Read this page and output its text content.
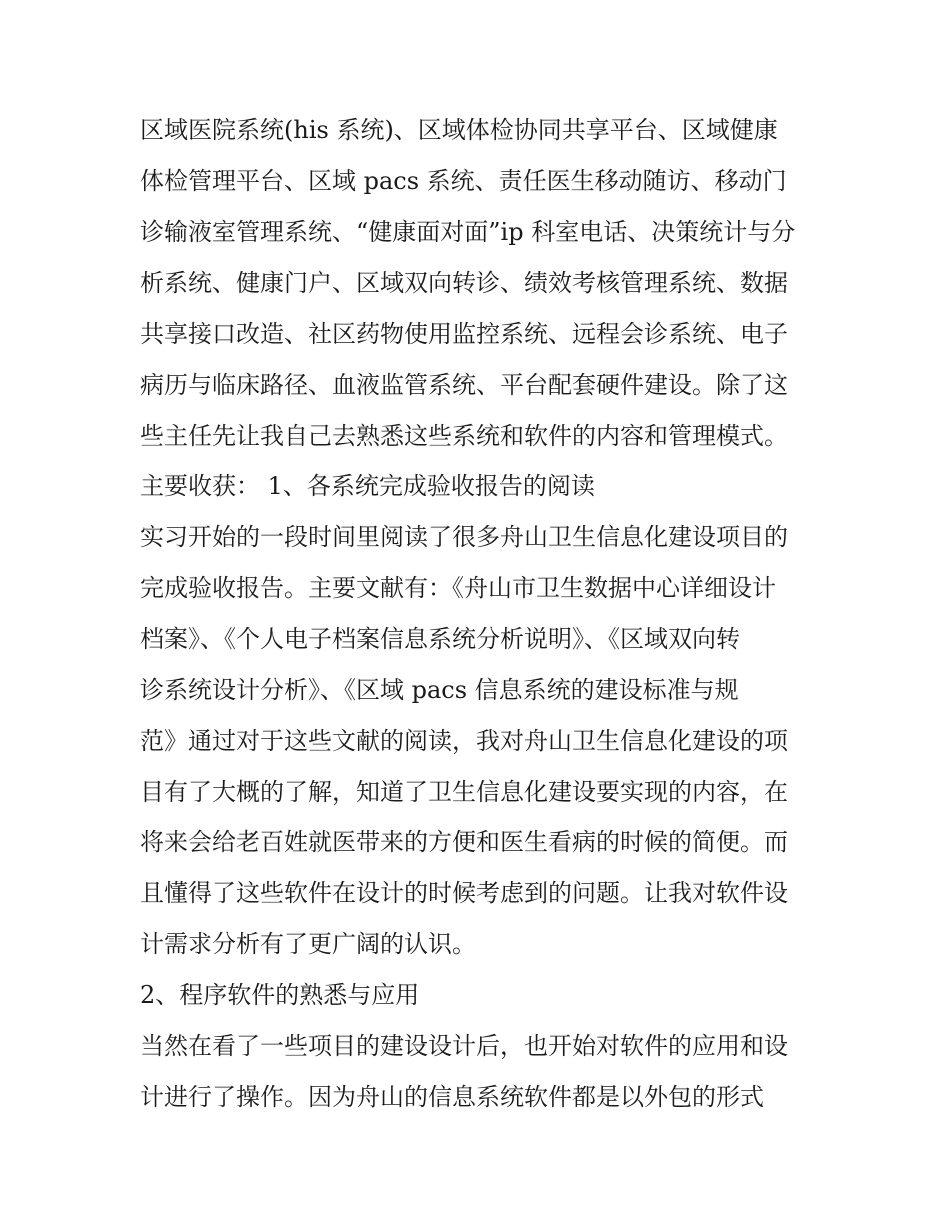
区域医院系统(his 系统)、区域体检协同共享平台、区域健康
体检管理平台、区域 pacs 系统、责任医生移动随访、移动门
诊输液室管理系统、“健康面对面”ip 科室电话、决策统计与分
析系统、健康门户、区域双向转诊、绩效考核管理系统、数据
共享接口改造、社区药物使用监控系统、远程会诊系统、电子
病历与临床路径、血液监管系统、平台配套硬件建设。除了这
些主任先让我自己去熟悉这些系统和软件的内容和管理模式。
主要收获： 1、各系统完成验收报告的阅读
实习开始的一段时间里阅读了很多舟山卫生信息化建设项目的
完成验收报告。主要文献有：《舟山市卫生数据中心详细设计
档案》、《个人电子档案信息系统分析说明》、《区域双向转
诊系统设计分析》、《区域 pacs 信息系统的建设标准与规
范》通过对于这些文献的阅读，我对舟山卫生信息化建设的项
目有了大概的了解，知道了卫生信息化建设要实现的内容，在
将来会给老百姓就医带来的方便和医生看病的时候的简便。而
且懂得了这些软件在设计的时候考虑到的问题。让我对软件设
计需求分析有了更广阔的认识。
2、程序软件的熟悉与应用
当然在看了一些项目的建设设计后，也开始对软件的应用和设
计进行了操作。因为舟山的信息系统软件都是以外包的形式
